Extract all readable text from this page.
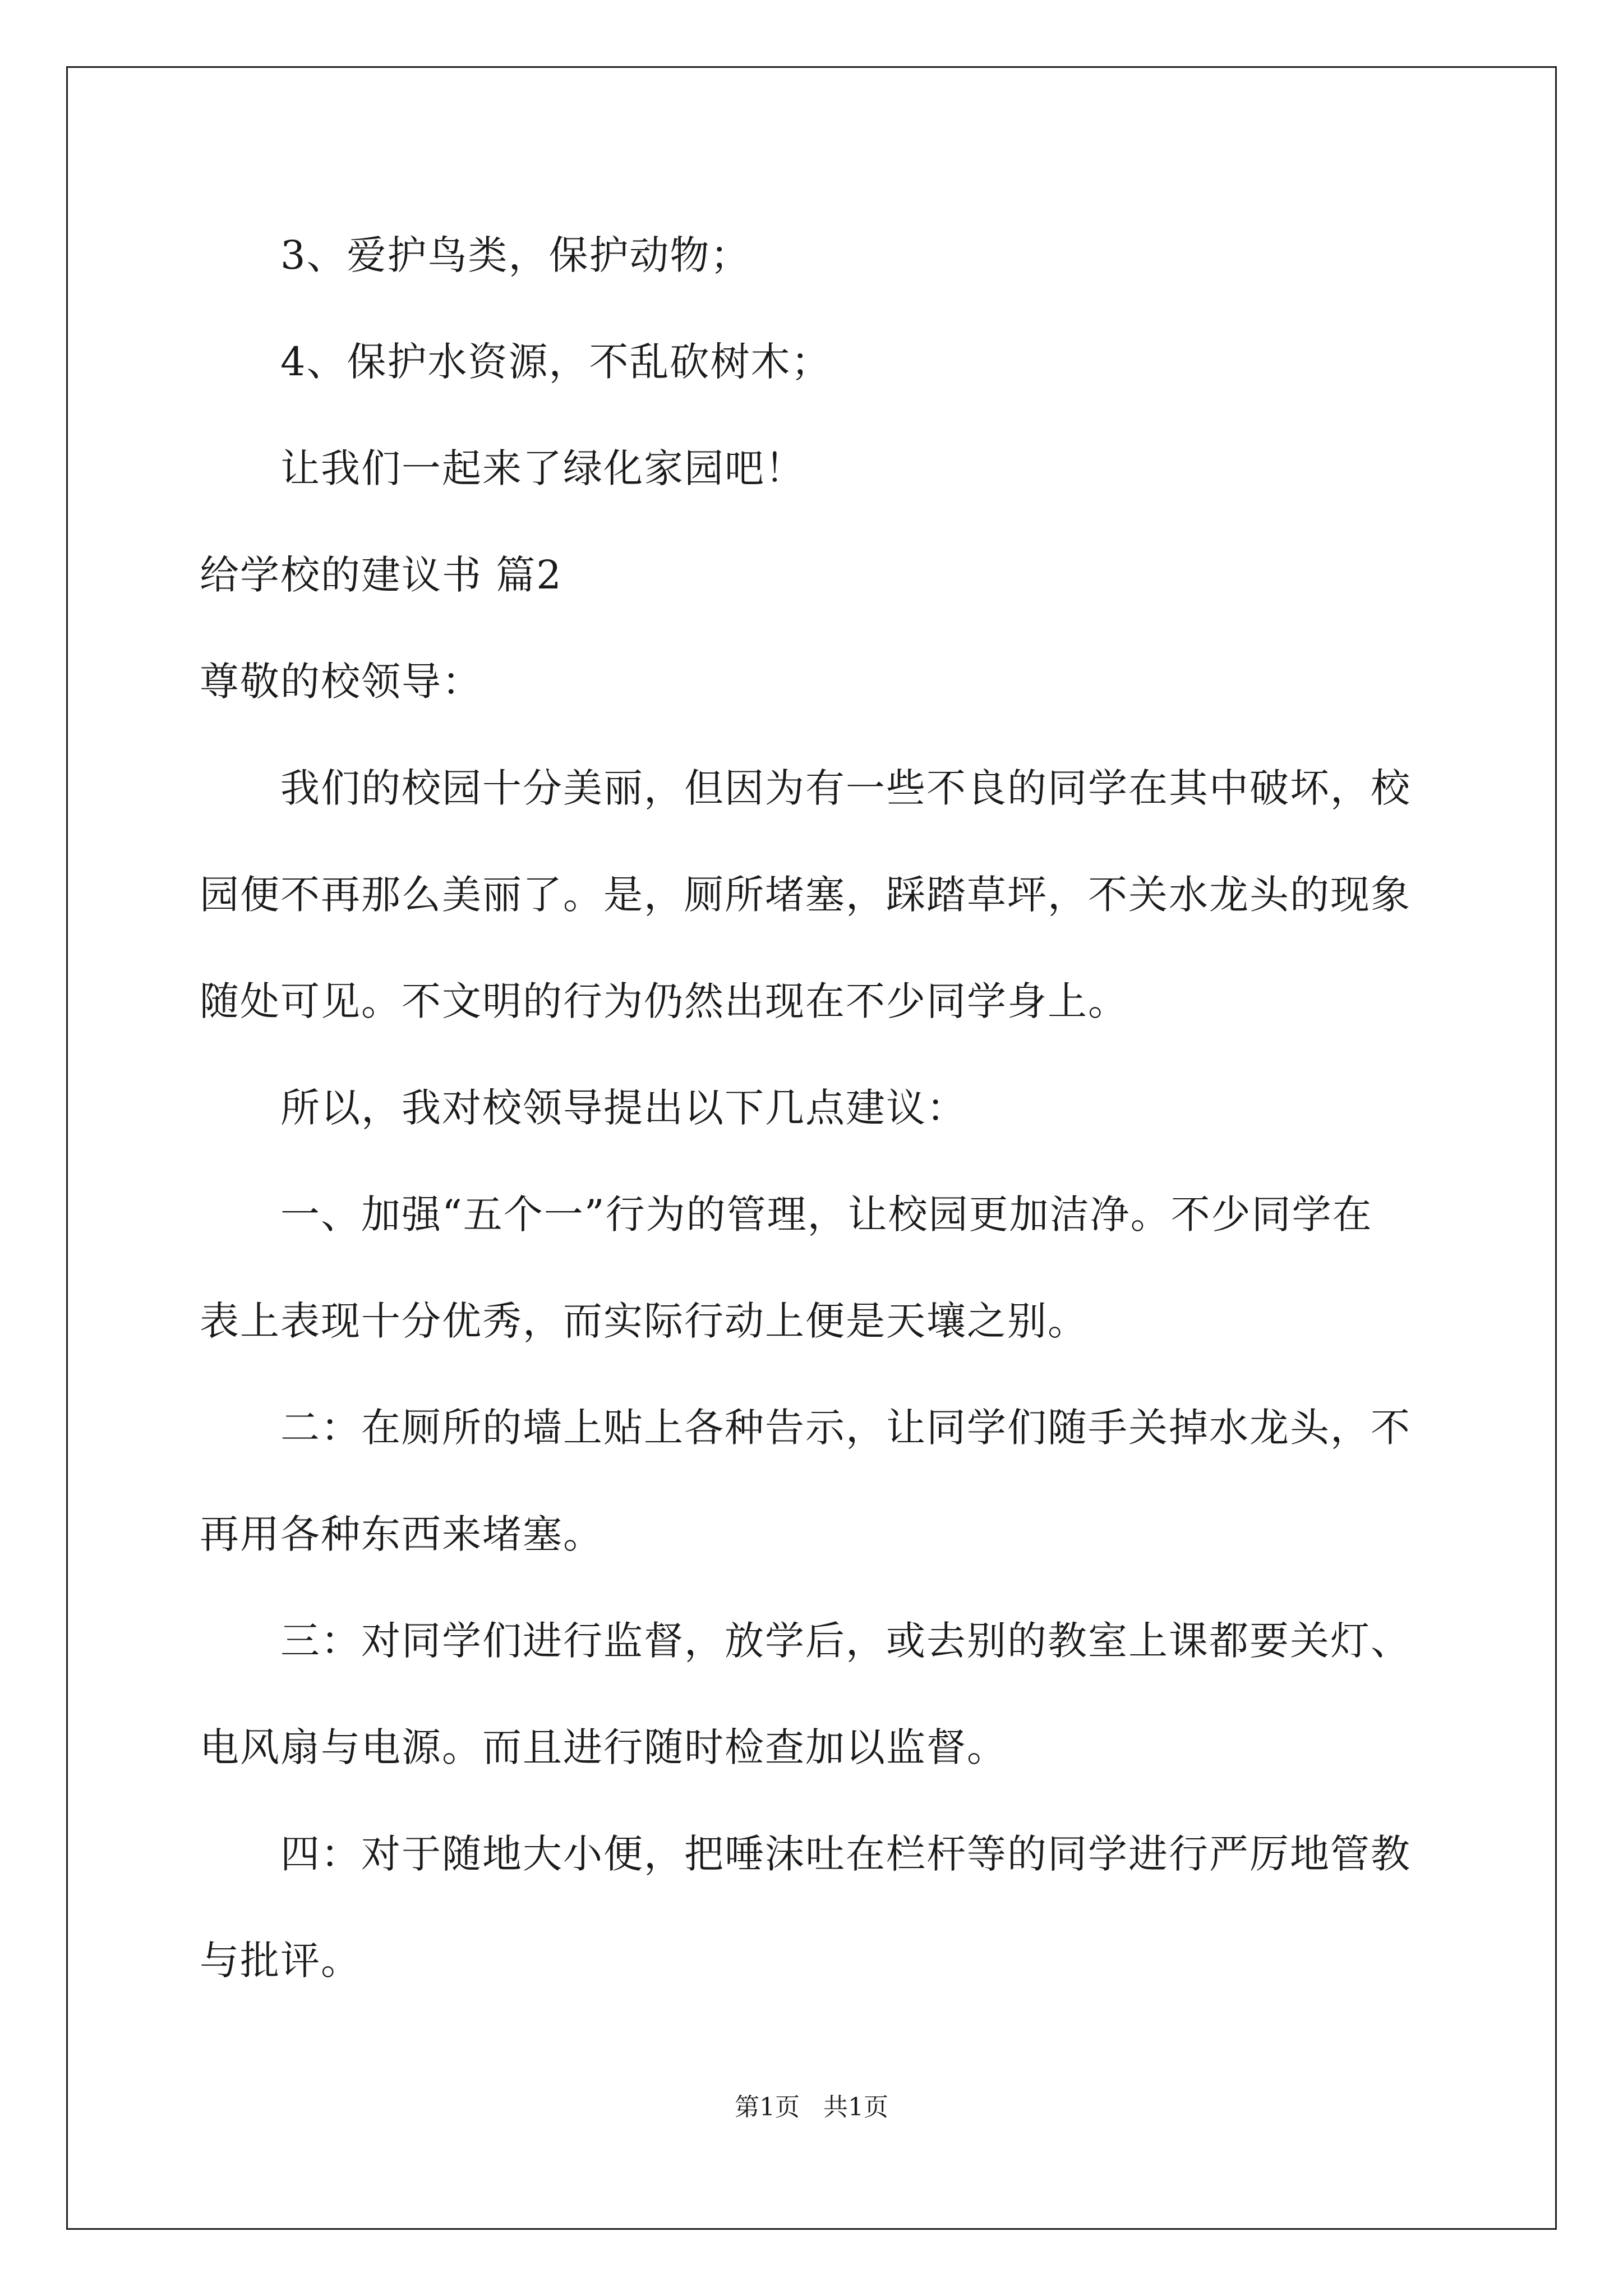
3、爱护鸟类，保护动物；

4、保护水资源，不乱砍树木；

让我们一起来了绿化家园吧！

给学校的建议书 篇2

尊敬的校领导：

我们的校园十分美丽，但因为有一些不良的同学在其中破坏，校

园便不再那么美丽了。是，厕所堵塞，踩踏草坪，不关水龙头的现象

随处可见。不文明的行为仍然出现在不少同学身上。

所以，我对校领导提出以下几点建议：

一、加强“五个一”行为的管理，让校园更加洁净。不少同学在

表上表现十分优秀，而实际行动上便是天壤之别。

二：在厕所的墙上贴上各种告示，让同学们随手关掉水龙头，不

再用各种东西来堵塞。

三：对同学们进行监督，放学后，或去别的教室上课都要关灯、

电风扇与电源。而且进行随时检查加以监督。

四：对于随地大小便，把唾沫吐在栏杆等的同学进行严厉地管教

与批评。

第1页   共1页
